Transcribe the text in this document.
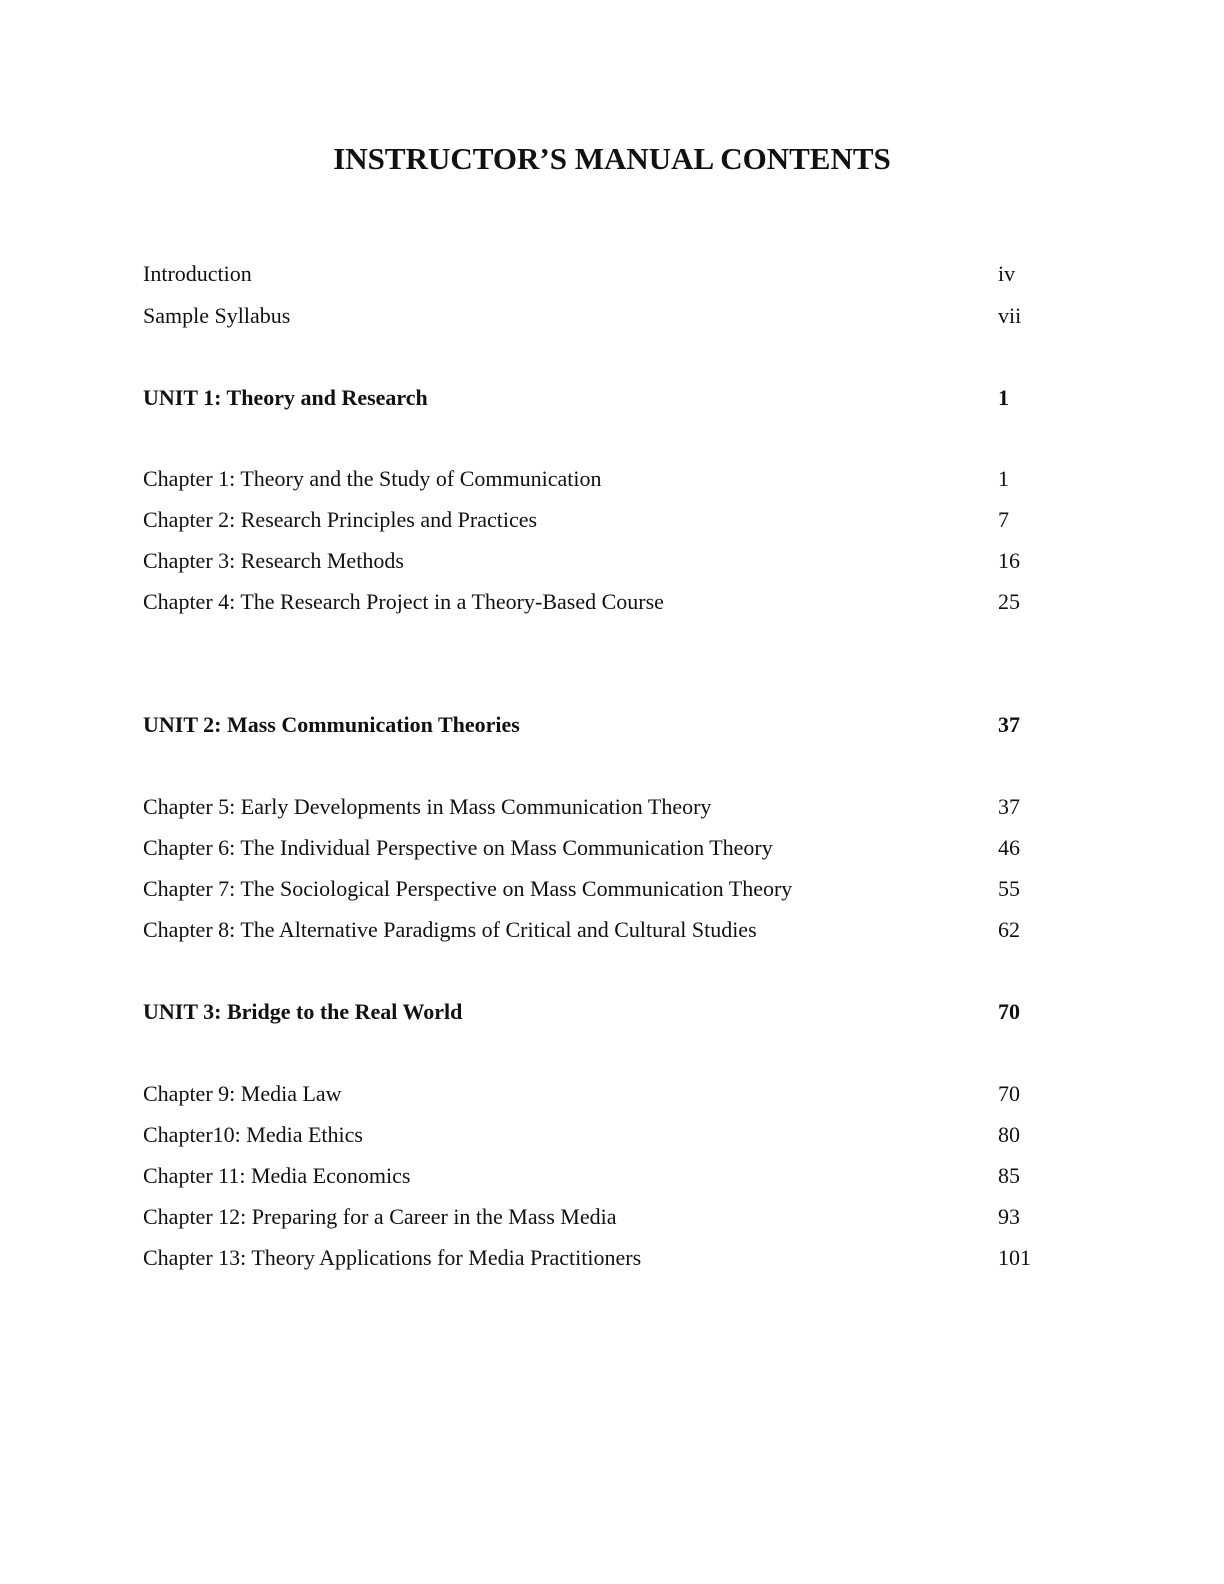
INSTRUCTOR’S MANUAL CONTENTS
Introduction	iv
Sample Syllabus	vii
UNIT 1: Theory and Research	1
Chapter 1: Theory and the Study of Communication	1
Chapter 2: Research Principles and Practices	7
Chapter 3: Research Methods	16
Chapter 4: The Research Project in a Theory-Based Course	25
UNIT 2: Mass Communication Theories	37
Chapter 5: Early Developments in Mass Communication Theory	37
Chapter 6: The Individual Perspective on Mass Communication Theory	46
Chapter 7: The Sociological Perspective on Mass Communication Theory	55
Chapter 8: The Alternative Paradigms of Critical and Cultural Studies	62
UNIT 3: Bridge to the Real World	70
Chapter 9: Media Law	70
Chapter10: Media Ethics	80
Chapter 11: Media Economics	85
Chapter 12: Preparing for a Career in the Mass Media	93
Chapter 13: Theory Applications for Media Practitioners	101
